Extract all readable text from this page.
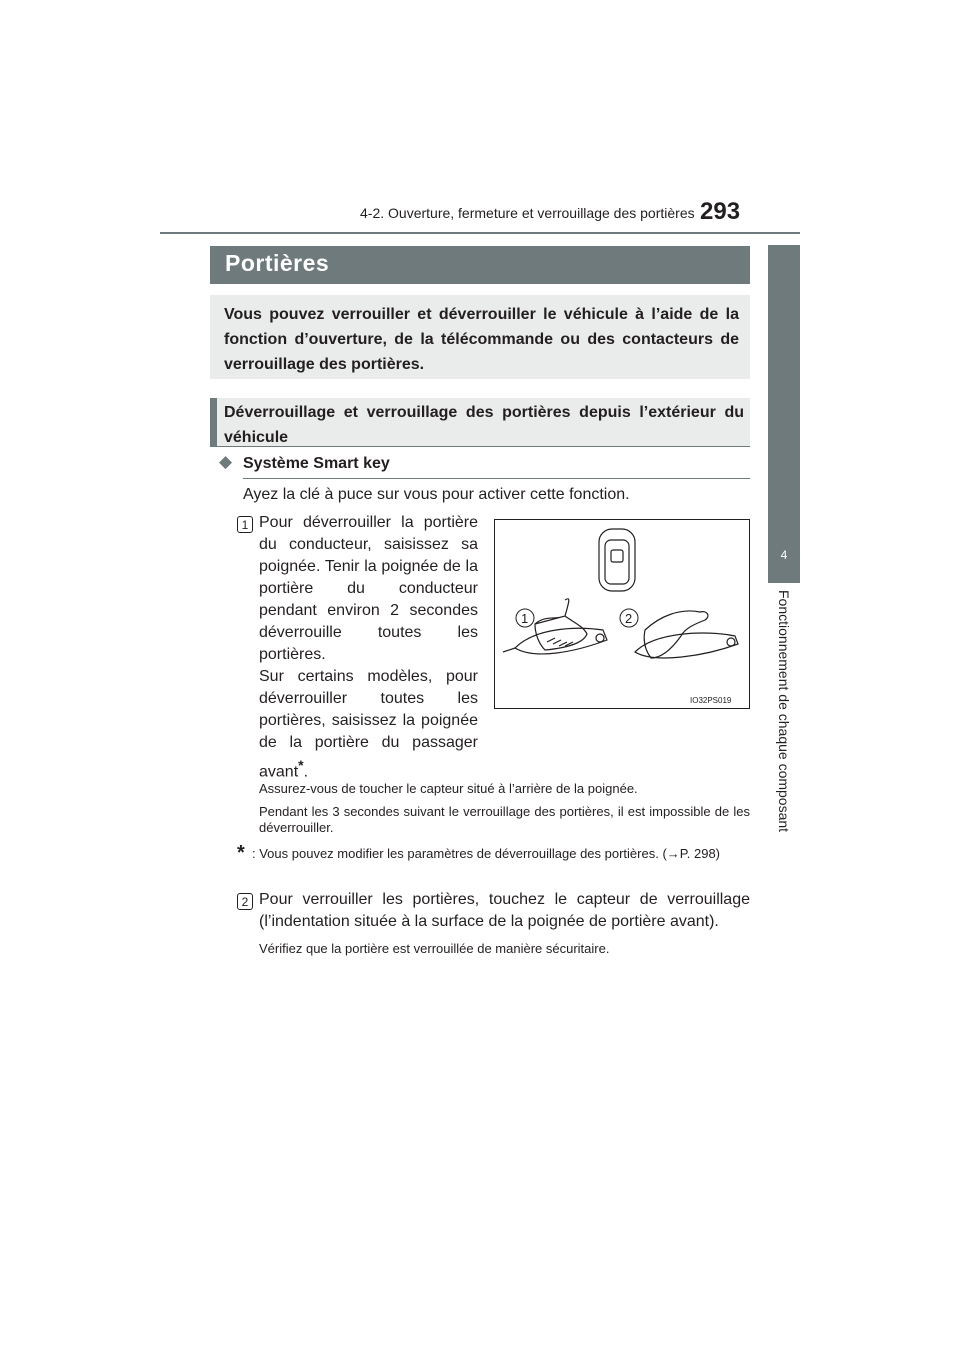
4-2. Ouverture, fermeture et verrouillage des portières 293
4
Fonctionnement de chaque composant
Portières
Vous pouvez verrouiller et déverrouiller le véhicule à l’aide de la fonction d’ouverture, de la télécommande ou des contacteurs de verrouillage des portières.
Déverrouillage et verrouillage des portières depuis l’extérieur du véhicule
◆ Système Smart key
Ayez la clé à puce sur vous pour activer cette fonction.
1 Pour déverrouiller la portière du conducteur, saisissez sa poignée. Tenir la poignée de la portière du conducteur pendant environ 2 secondes déverrouille toutes les portières.

Sur certains modèles, pour déverrouiller toutes les portières, saisissez la poignée de la portière du passager avant*.

1	2
IO32PS019
Assurez-vous de toucher le capteur situé à l’arrière de la poignée.
Pendant les 3 secondes suivant le verrouillage des portières, il est impossible de les déverrouiller.
* : Vous pouvez modifier les paramètres de déverrouillage des portières. (→P. 298)
2 Pour verrouiller les portières, touchez le capteur de verrouillage (l’indentation située à la surface de la poignée de portière avant).
Vérifiez que la portière est verrouillée de manière sécuritaire.
